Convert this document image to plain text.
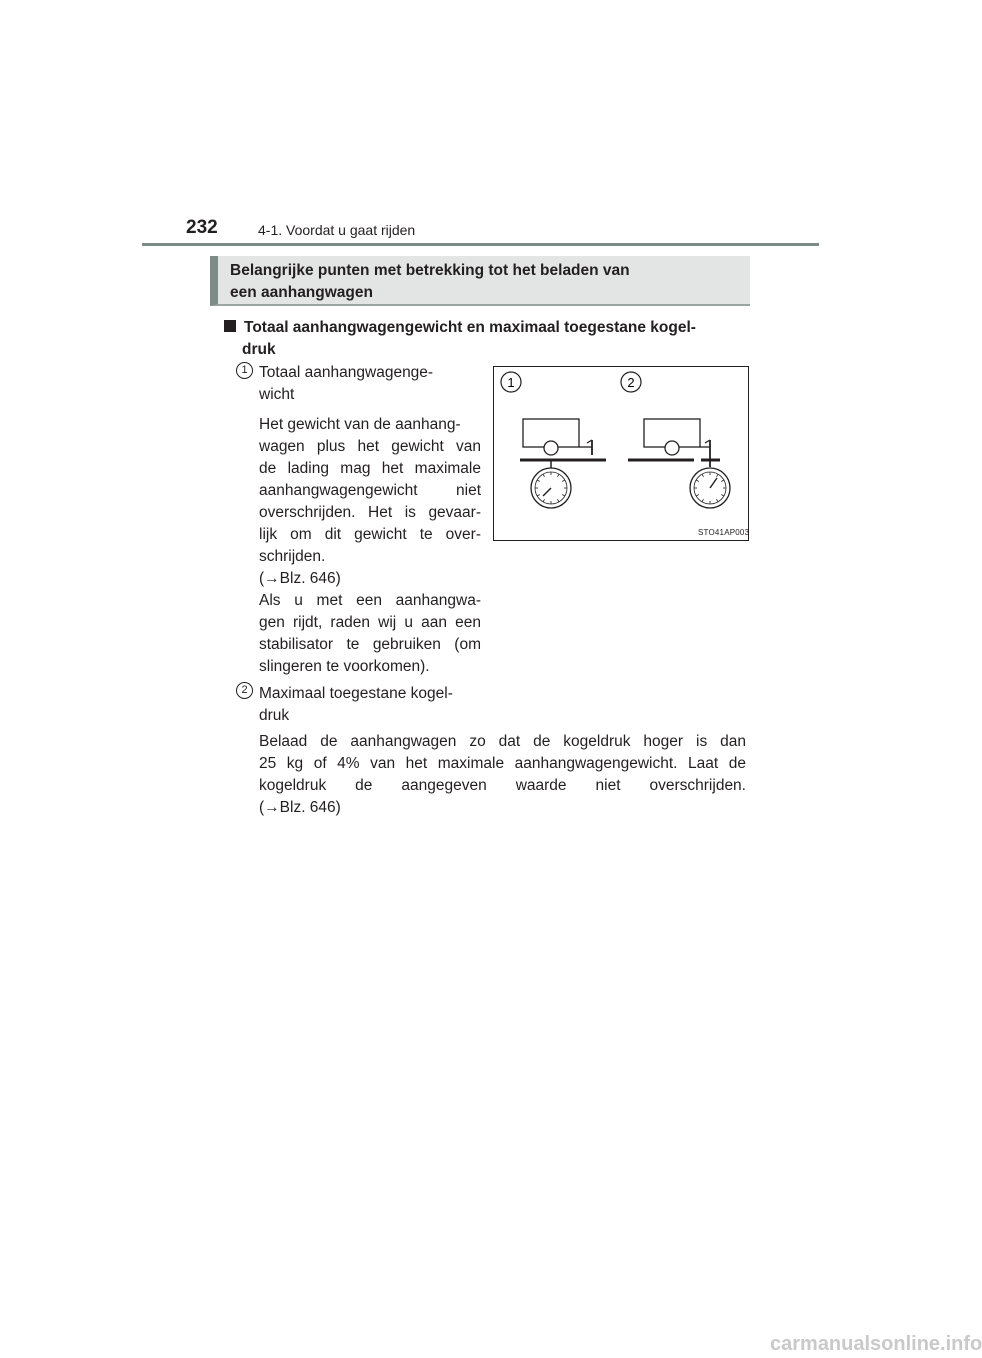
232	4-1. Voordat u gaat rijden
Belangrijke punten met betrekking tot het beladen van
een aanhangwagen
Totaal aanhangwagengewicht en maximaal toegestane kogel-
druk
1 Totaal aanhangwagenge-
wicht
Het gewicht van de aanhang-
wagen plus het gewicht van
de lading mag het maximale
aanhangwagengewicht niet
overschrijden. Het is gevaar-
lijk om dit gewicht te over-
schrijden.
(→Blz. 646)
Als u met een aanhangwa-
gen rijdt, raden wij u aan een
stabilisator te gebruiken (om
slingeren te voorkomen).
2 Maximaal toegestane kogel-
druk
Belaad de aanhangwagen zo dat de kogeldruk hoger is dan
25 kg of 4% van het maximale aanhangwagengewicht. Laat de
kogeldruk de aangegeven waarde niet overschrijden.
(→Blz. 646)
1	2
STO41AP003
carmanualsonline.info
